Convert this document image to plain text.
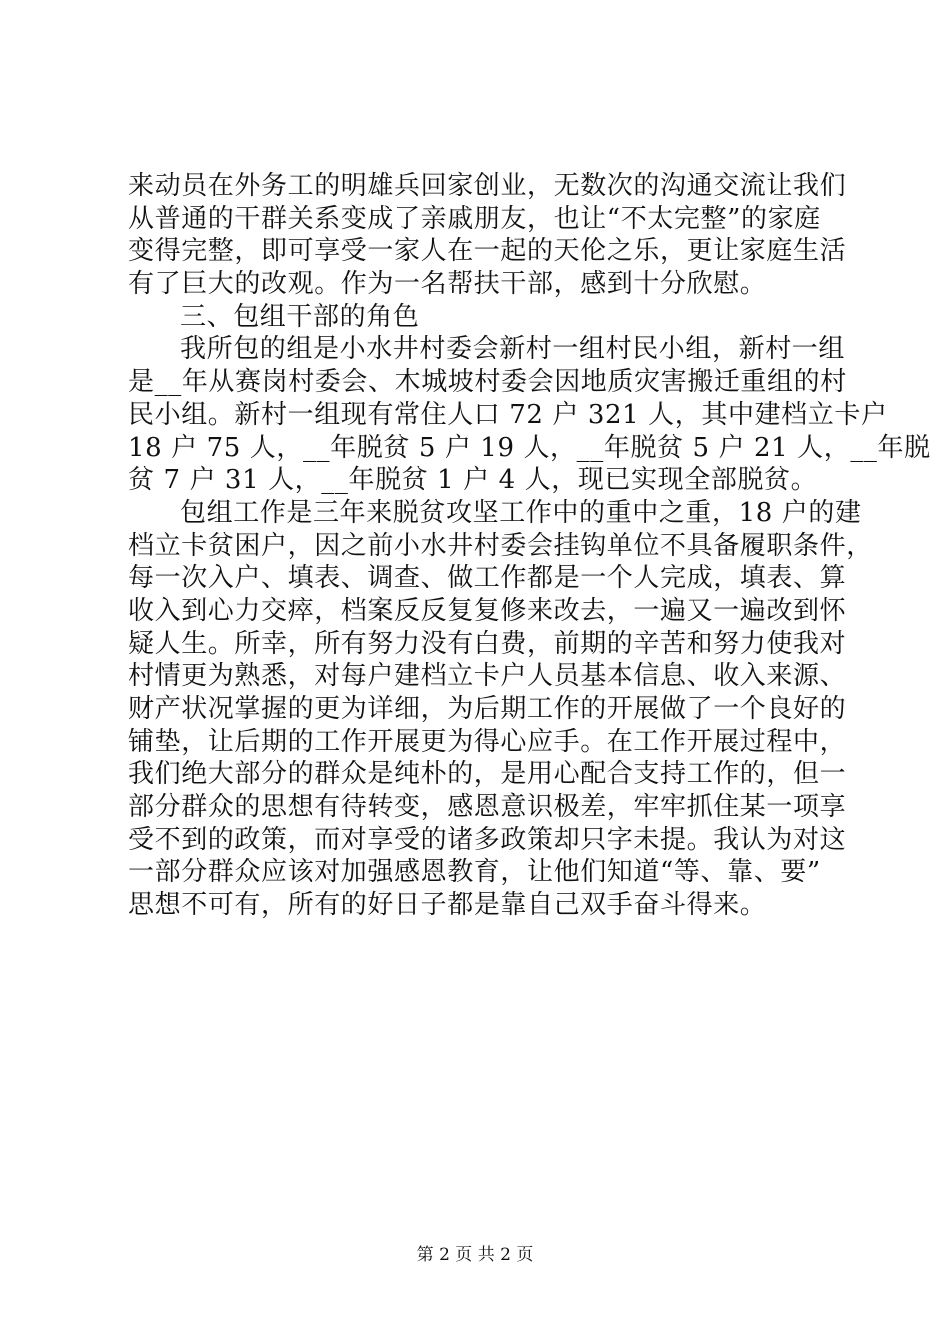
来动员在外务工的明雄兵回家创业，无数次的沟通交流让我们
从普通的干群关系变成了亲戚朋友，也让“不太完整”的家庭
变得完整，即可享受一家人在一起的天伦之乐，更让家庭生活
有了巨大的改观。作为一名帮扶干部，感到十分欣慰。
三、包组干部的角色
我所包的组是小水井村委会新村一组村民小组，新村一组
是__年从赛岗村委会、木城坡村委会因地质灾害搬迁重组的村
民小组。新村一组现有常住人口 72 户 321 人，其中建档立卡户
18 户 75 人，__年脱贫 5 户 19 人，__年脱贫 5 户 21 人，__年脱
贫 7 户 31 人，__年脱贫 1 户 4 人，现已实现全部脱贫。
包组工作是三年来脱贫攻坚工作中的重中之重，18 户的建
档立卡贫困户，因之前小水井村委会挂钩单位不具备履职条件，
每一次入户、填表、调查、做工作都是一个人完成，填表、算
收入到心力交瘁，档案反反复复修来改去，一遍又一遍改到怀
疑人生。所幸，所有努力没有白费，前期的辛苦和努力使我对
村情更为熟悉，对每户建档立卡户人员基本信息、收入来源、
财产状况掌握的更为详细，为后期工作的开展做了一个良好的
铺垫，让后期的工作开展更为得心应手。在工作开展过程中，
我们绝大部分的群众是纯朴的，是用心配合支持工作的，但一
部分群众的思想有待转变，感恩意识极差，牢牢抓住某一项享
受不到的政策，而对享受的诸多政策却只字未提。我认为对这
一部分群众应该对加强感恩教育，让他们知道“等、靠、要”
思想不可有，所有的好日子都是靠自己双手奋斗得来。
第 2 页 共 2 页
